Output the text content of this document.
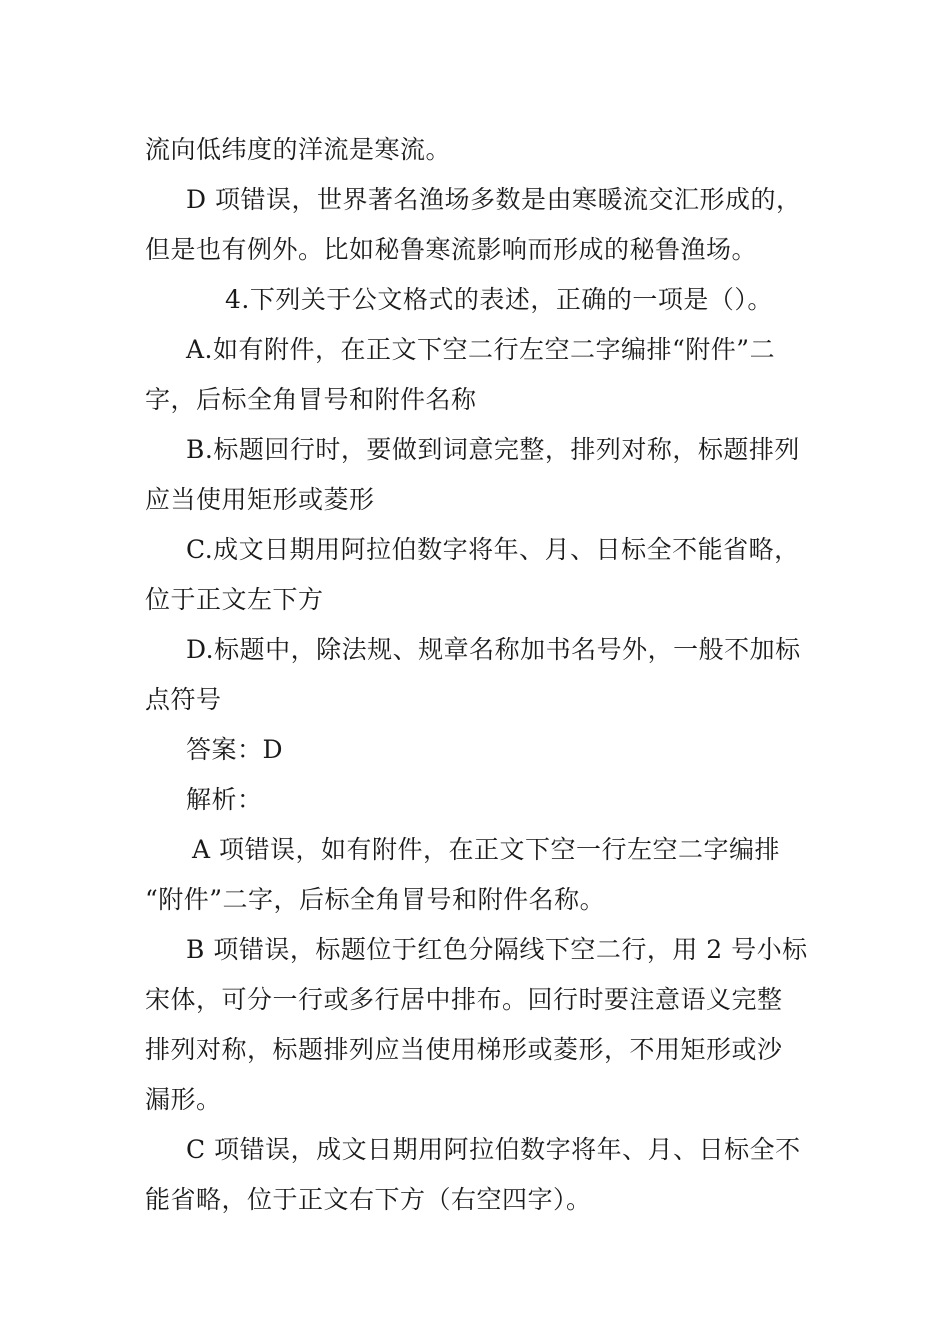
流向低纬度的洋流是寒流。
D 项错误，世界著名渔场多数是由寒暖流交汇形成的，
但是也有例外。比如秘鲁寒流影响而形成的秘鲁渔场。
4.下列关于公文格式的表述，正确的一项是（）。
A.如有附件，在正文下空二行左空二字编排“附件”二
字，后标全角冒号和附件名称
B.标题回行时，要做到词意完整，排列对称，标题排列
应当使用矩形或菱形
C.成文日期用阿拉伯数字将年、月、日标全不能省略，
位于正文左下方
D.标题中，除法规、规章名称加书名号外，一般不加标
点符号
答案：D
解析：
A 项错误，如有附件，在正文下空一行左空二字编排
“附件”二字，后标全角冒号和附件名称。
B 项错误，标题位于红色分隔线下空二行，用 2 号小标
宋体，可分一行或多行居中排布。回行时要注意语义完整
排列对称，标题排列应当使用梯形或菱形，不用矩形或沙
漏形。
C 项错误，成文日期用阿拉伯数字将年、月、日标全不
能省略，位于正文右下方（右空四字）。
